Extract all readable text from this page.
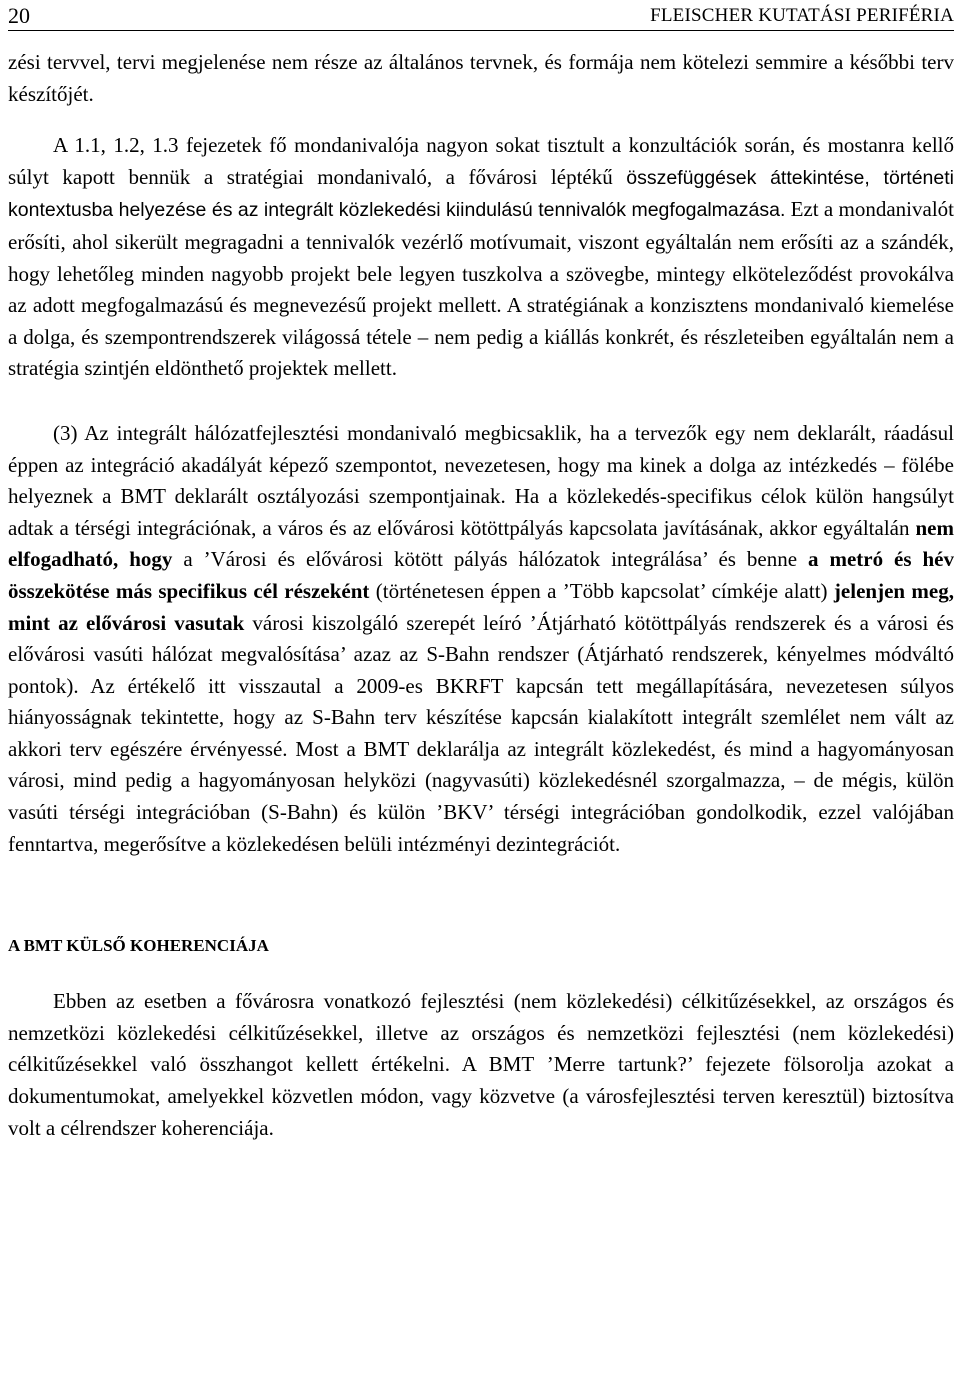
20	FLEISCHER KUTATÁSI PERIFÉRIA

zési tervvel, tervi megjelenése nem része az általános tervnek, és formája nem kötelezi semmire a későbbi terv készítőjét.

A 1.1, 1.2, 1.3 fejezetek fő mondanivalója nagyon sokat tisztult a konzultációk során, és mostanra kellő súlyt kapott bennük a stratégiai mondanivaló, a fővárosi léptékű összefüggések áttekintése, történeti kontextusba helyezése és az integrált közlekedési kiindulású tennivalók megfogalmazása. Ezt a mondanivalót erősíti, ahol sikerült megragadni a tennivalók vezérlő motívumait, viszont egyáltalán nem erősíti az a szándék, hogy lehetőleg minden nagyobb projekt bele legyen tuszkolva a szövegbe, mintegy elköteleződést provokálva az adott megfogalmazású és megnevezésű projekt mellett. A stratégiának a konzisztens mondanivaló kiemelése a dolga, és szempontrendszerek világossá tétele – nem pedig a kiállás konkrét, és részleteiben egyáltalán nem a stratégia szintjén eldönthető projektek mellett.

(3) Az integrált hálózatfejlesztési mondanivaló megbicsaklik, ha a tervezők egy nem deklarált, ráadásul éppen az integráció akadályát képező szempontot, nevezetesen, hogy ma kinek a dolga az intézkedés – fölébe helyeznek a BMT deklarált osztályozási szempontjainak. Ha a közlekedés-specifikus célok külön hangsúlyt adtak a térségi integrációnak, a város és az elővárosi kötöttpályás kapcsolata javításának, akkor egyáltalán nem elfogadható, hogy a ’Városi és elővárosi kötött pályás hálózatok integrálása’ és benne a metró és hév összekötése más specifikus cél részeként (történetesen éppen a ’Több kapcsolat’ címkéje alatt) jelenjen meg, mint az elővárosi vasutak városi kiszolgáló szerepét leíró ’Átjárható kötöttpályás rendszerek és a városi és elővárosi vasúti hálózat megvalósítása’ azaz az S-Bahn rendszer (Átjárható rendszerek, kényelmes módváltó pontok). Az értékelő itt visszautal a 2009-es BKRFT kapcsán tett megállapítására, nevezetesen súlyos hiányosságnak tekintette, hogy az S-Bahn terv készítése kapcsán kialakított integrált szemlélet nem vált az akkori terv egészére érvényessé. Most a BMT deklarálja az integrált közlekedést, és mind a hagyományosan városi, mind pedig a hagyományosan helyközi (nagyvasúti) közlekedésnél szorgalmazza, – de mégis, külön vasúti térségi integrációban (S-Bahn) és külön ’BKV’ térségi integrációban gondolkodik, ezzel valójában fenntartva, megerősítve a közlekedésen belüli intézményi dezintegrációt.

A BMT KÜLSŐ KOHERENCIÁJA

Ebben az esetben a fővárosra vonatkozó fejlesztési (nem közlekedési) célkitűzésekkel, az országos és nemzetközi közlekedési célkitűzésekkel, illetve az országos és nemzetközi fejlesztési (nem közlekedési) célkitűzésekkel való összhangot kellett értékelni. A BMT ’Merre tartunk?’ fejezete fölsorolja azokat a dokumentumokat, amelyekkel közvetlen módon, vagy közvetve (a városfejlesztési terven keresztül) biztosítva volt a célrendszer koherenciája.
